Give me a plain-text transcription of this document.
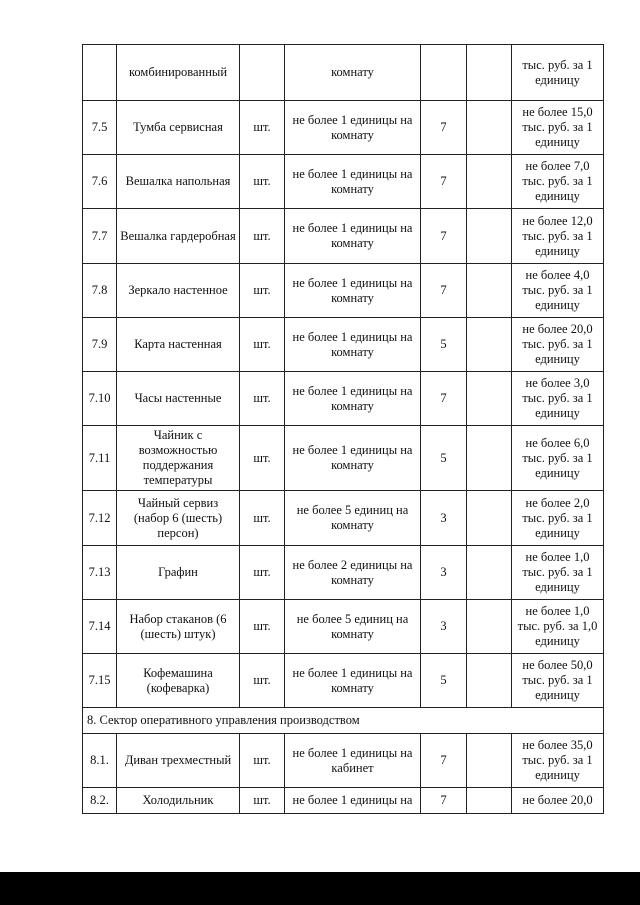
	комбинированный		комнату			тыс. руб. за 1 единицу
7.5	Тумба сервисная	шт.	не более 1 единицы на комнату	7		не более 15,0 тыс. руб. за 1 единицу
7.6	Вешалка напольная	шт.	не более 1 единицы на комнату	7		не более 7,0 тыс. руб. за 1 единицу
7.7	Вешалка гардеробная	шт.	не более 1 единицы на комнату	7		не более 12,0 тыс. руб. за 1 единицу
7.8	Зеркало настенное	шт.	не более 1 единицы на комнату	7		не более 4,0 тыс. руб. за 1 единицу
7.9	Карта настенная	шт.	не более 1 единицы на комнату	5		не более 20,0 тыс. руб. за 1 единицу
7.10	Часы настенные	шт.	не более 1 единицы на комнату	7		не более 3,0 тыс. руб. за 1 единицу
7.11	Чайник с возможностью поддержания температуры	шт.	не более 1 единицы на комнату	5		не более 6,0 тыс. руб. за 1 единицу
7.12	Чайный сервиз (набор 6 (шесть) персон)	шт.	не более 5 единиц на комнату	3		не более 2,0 тыс. руб. за 1 единицу
7.13	Графин	шт.	не более 2 единицы на комнату	3		не более 1,0 тыс. руб. за 1 единицу
7.14	Набор стаканов (6 (шесть) штук)	шт.	не более 5 единиц на комнату	3		не более 1,0 тыс. руб. за 1,0 единицу
7.15	Кофемашина (кофеварка)	шт.	не более 1 единицы на комнату	5		не более 50,0 тыс. руб. за 1 единицу
8. Сектор оперативного управления производством						
8.1.	Диван трехместный	шт.	не более 1 единицы на кабинет	7		не более 35,0 тыс. руб. за 1 единицу
8.2.	Холодильник	шт.	не более 1 единицы на	7		не более 20,0
